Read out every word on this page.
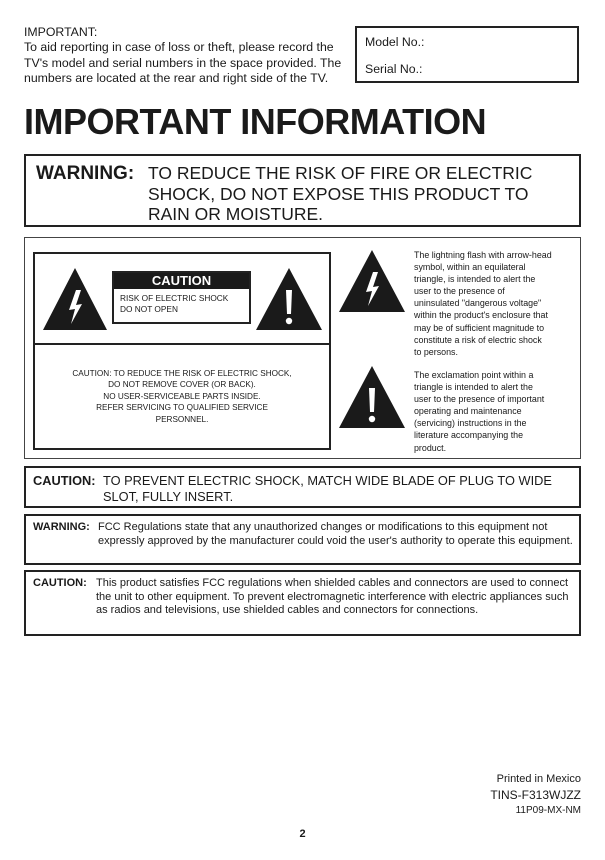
IMPORTANT:

To aid reporting in case of loss or theft, please record the TV's model and serial numbers in the space provided. The numbers are located at the rear and right side of the TV.

Model No.:
Serial No.:
IMPORTANT INFORMATION
WARNING: TO REDUCE THE RISK OF FIRE OR ELECTRIC SHOCK, DO NOT EXPOSE THIS PRODUCT TO RAIN OR MOISTURE.
CAUTION

RISK OF ELECTRIC SHOCK

DO NOT OPEN

CAUTION: TO REDUCE THE RISK OF ELECTRIC SHOCK,

DO NOT REMOVE COVER (OR BACK).

NO USER-SERVICEABLE PARTS INSIDE.

REFER SERVICING TO QUALIFIED SERVICE

PERSONNEL.

The lightning flash with arrow-head

symbol, within an equilateral

triangle, is intended to alert the

user to the presence of

uninsulated "dangerous voltage"

within the product's enclosure that

may be of sufficient magnitude to

constitute a risk of electric shock

to persons.

The exclamation point within a

triangle is intended to alert the

user to the presence of important

operating and maintenance

(servicing) instructions in the

literature accompanying the

product.

CAUTION: TO PREVENT ELECTRIC SHOCK, MATCH WIDE BLADE OF PLUG TO WIDE SLOT, FULLY INSERT.
WARNING: FCC Regulations state that any unauthorized changes or modifications to this equipment not expressly approved by the manufacturer could void the user's authority to operate this equipment.
CAUTION: This product satisfies FCC regulations when shielded cables and connectors are used to connect the unit to other equipment. To prevent electromagnetic interference with electric appliances such as radios and televisions, use shielded cables and connectors for connections.
Printed in Mexico
TINS-F313WJZZ
11P09-MX-NM
2
